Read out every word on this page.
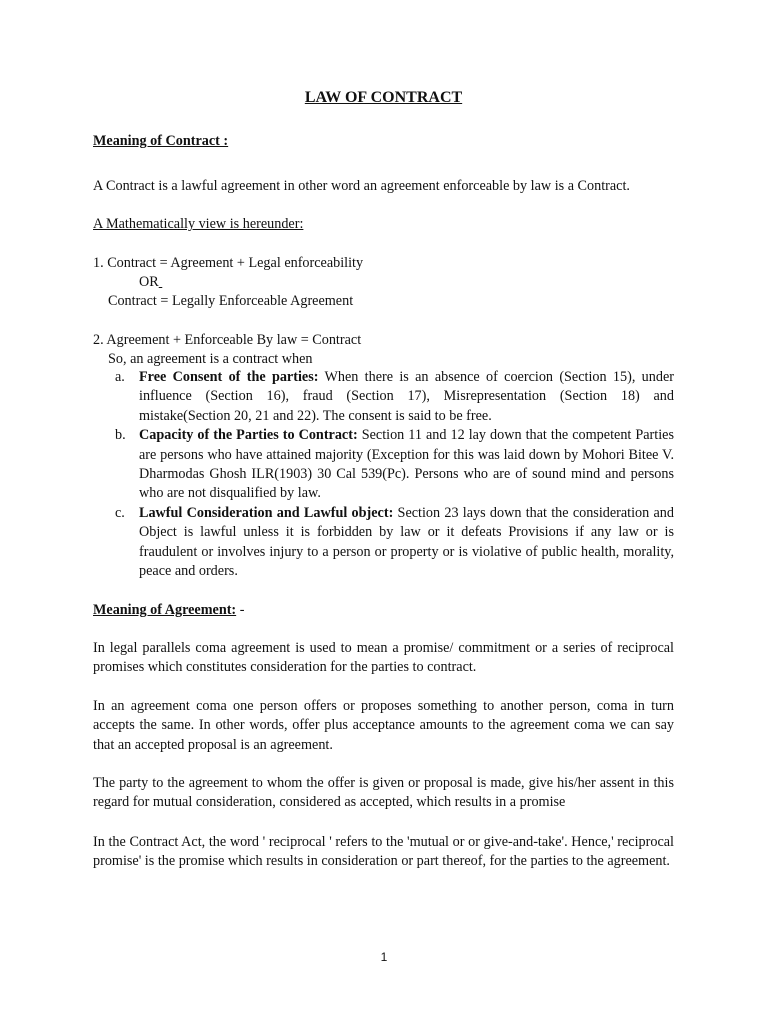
LAW OF CONTRACT

Meaning of Contract :

A Contract is a lawful agreement in other word an agreement enforceable by law is a Contract.

A Mathematically view is hereunder:

1. Contract = Agreement + Legal enforceability

OR

Contract = Legally Enforceable Agreement

2. Agreement + Enforceable By law = Contract

So, an agreement is a contract when

a. Free Consent of the parties: When there is an absence of coercion (Section 15), under influence (Section 16), fraud (Section 17), Misrepresentation (Section 18) and mistake(Section 20, 21 and 22). The consent is said to be free.
b. Capacity of the Parties to Contract: Section 11 and 12 lay down that the competent Parties are persons who have attained majority (Exception for this was laid down by Mohori Bitee V. Dharmodas Ghosh ILR(1903) 30 Cal 539(Pc). Persons who are of sound mind and persons who are not disqualified by law.
c. Lawful Consideration and Lawful object: Section 23 lays down that the consideration and Object is lawful unless it is forbidden by law or it defeats Provisions if any law or is fraudulent or involves injury to a person or property or is violative of public health, morality, peace and orders.

Meaning of Agreement: -

In legal parallels coma agreement is used to mean a promise/ commitment or a series of reciprocal promises which constitutes consideration for the parties to contract.

In an agreement coma one person offers or proposes something to another person, coma in turn accepts the same. In other words, offer plus acceptance amounts to the agreement coma we can say that an accepted proposal is an agreement.

The party to the agreement to whom the offer is given or proposal is made, give his/her assent in this regard for mutual consideration, considered as accepted, which results in a promise

In the Contract Act, the word ' reciprocal ' refers to the 'mutual or or give-and-take'. Hence,' reciprocal promise' is the promise which results in consideration or part thereof, for the parties to the agreement.

1
